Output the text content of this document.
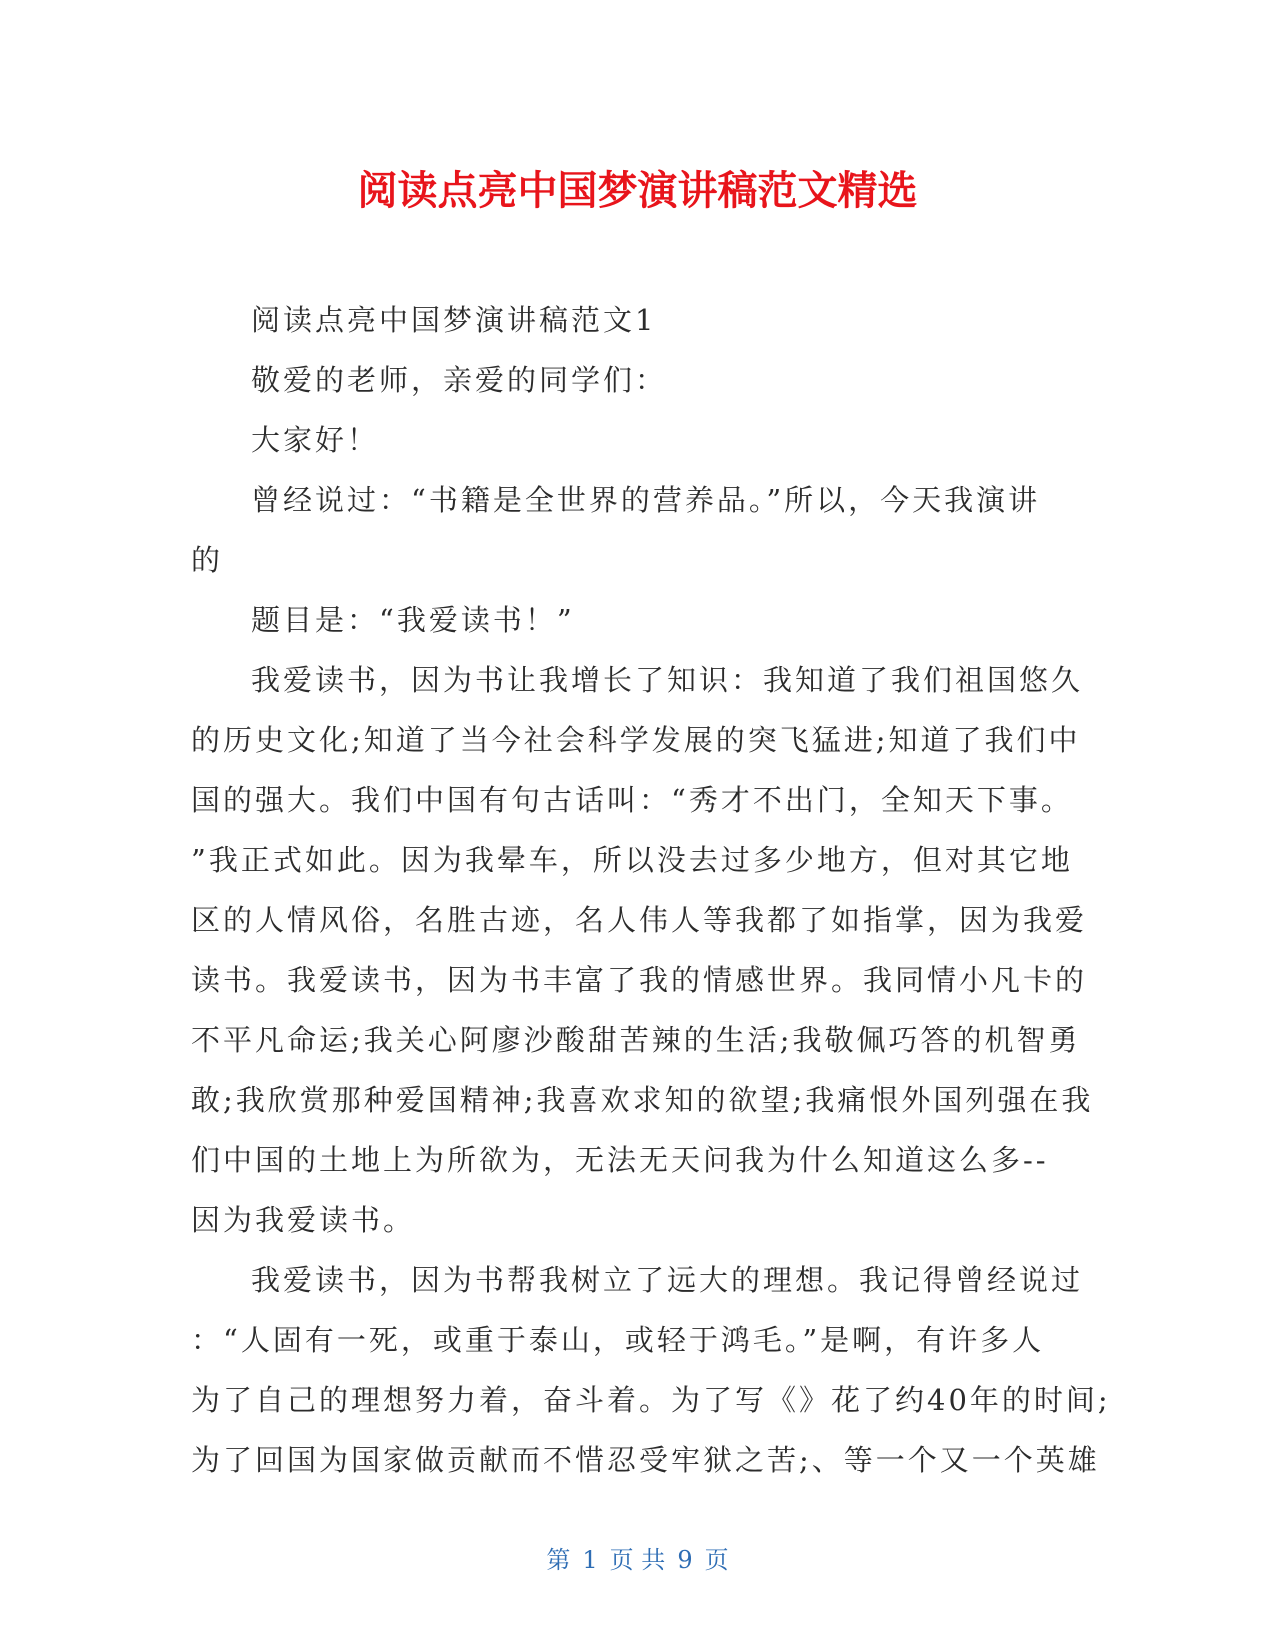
阅读点亮中国梦演讲稿范文精选
阅读点亮中国梦演讲稿范文1
敬爱的老师，亲爱的同学们：
大家好！
曾经说过：“书籍是全世界的营养品。”所以，今天我演讲
的
题目是：“我爱读书！”
我爱读书，因为书让我增长了知识：我知道了我们祖国悠久
的历史文化;知道了当今社会科学发展的突飞猛进;知道了我们中
国的强大。我们中国有句古话叫：“秀才不出门，全知天下事。
”我正式如此。因为我晕车，所以没去过多少地方，但对其它地
区的人情风俗，名胜古迹，名人伟人等我都了如指掌，因为我爱
读书。我爱读书，因为书丰富了我的情感世界。我同情小凡卡的
不平凡命运;我关心阿廖沙酸甜苦辣的生活;我敬佩巧答的机智勇
敢;我欣赏那种爱国精神;我喜欢求知的欲望;我痛恨外国列强在我
们中国的土地上为所欲为，无法无天问我为什么知道这么多--
因为我爱读书。
我爱读书，因为书帮我树立了远大的理想。我记得曾经说过
：“人固有一死，或重于泰山，或轻于鸿毛。”是啊，有许多人
为了自己的理想努力着，奋斗着。为了写《》花了约40年的时间;
为了回国为国家做贡献而不惜忍受牢狱之苦;、等一个又一个英雄
第 1 页 共 9 页
